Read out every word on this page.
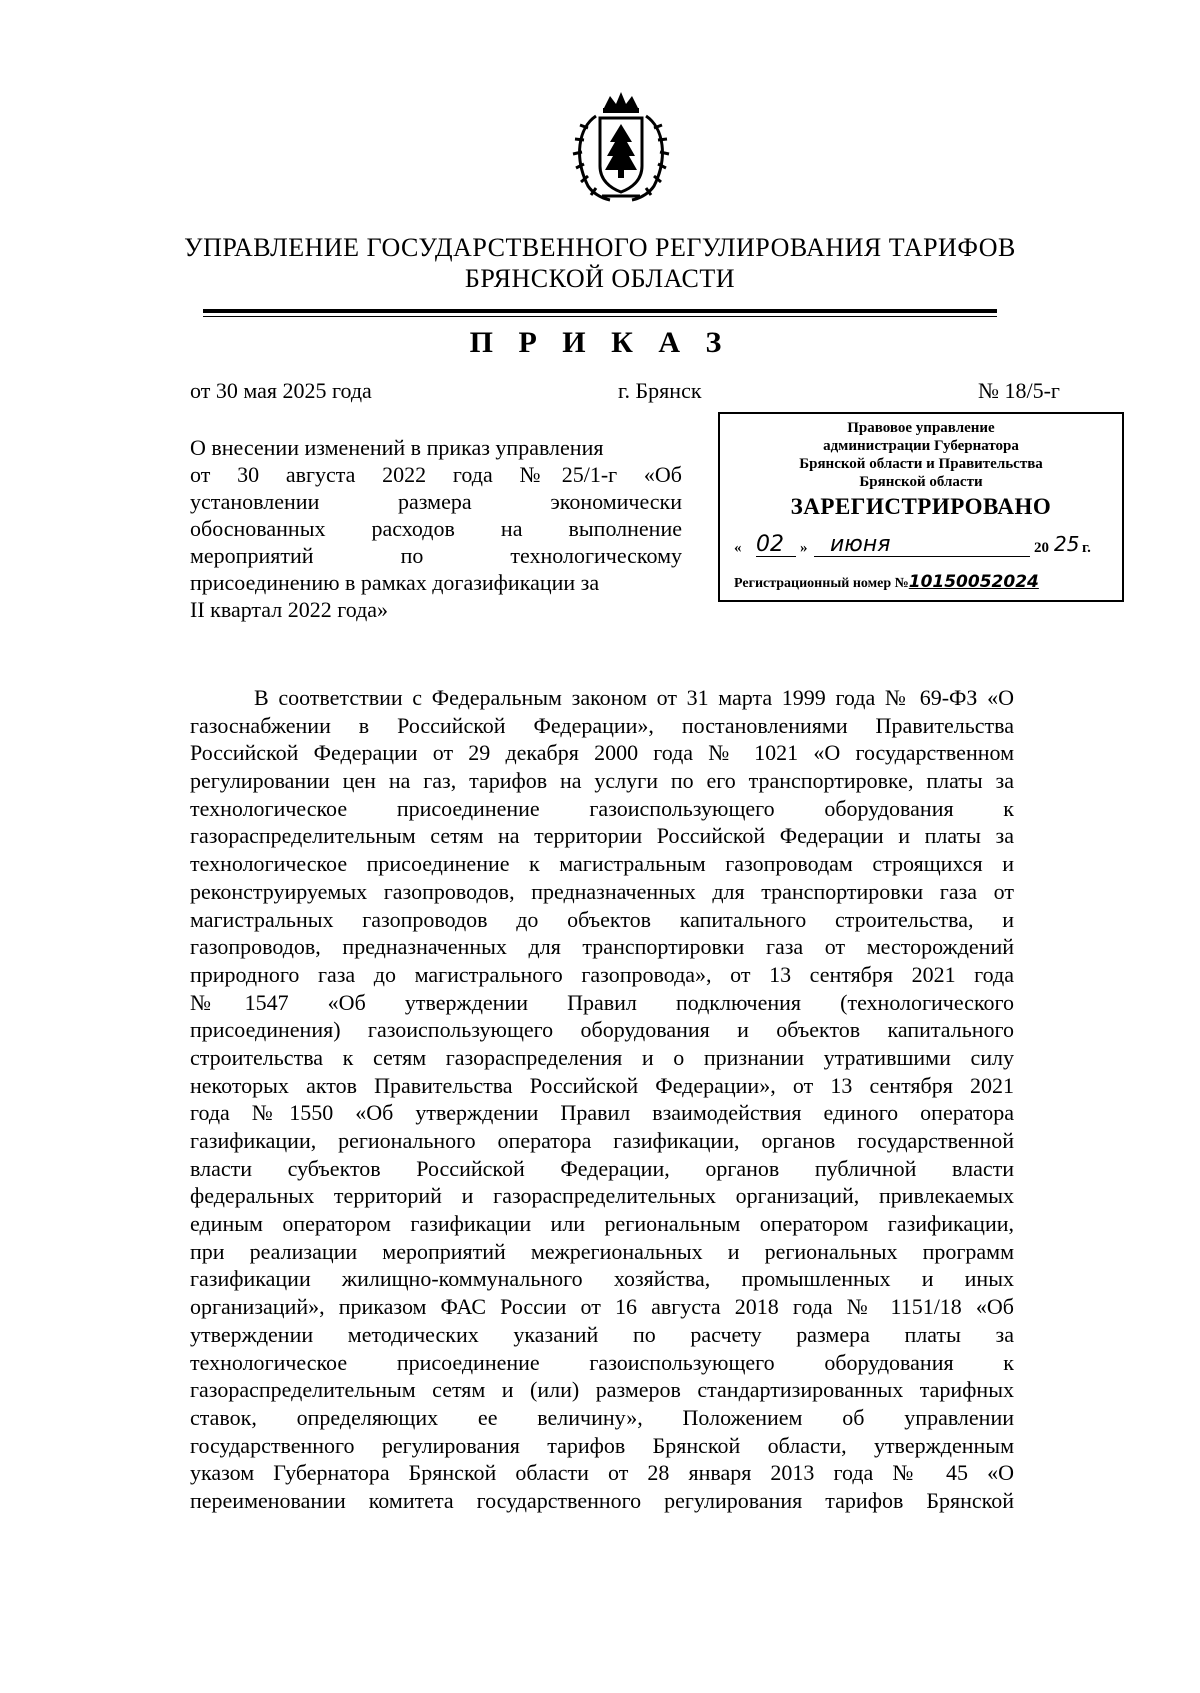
УПРАВЛЕНИЕ ГОСУДАРСТВЕННОГО РЕГУЛИРОВАНИЯ ТАРИФОВ
БРЯНСКОЙ ОБЛАСТИ
П Р И К А З
от 30 мая 2025 года	г. Брянск	№ 18/5-г
О внесении изменений в приказ управления
от 30 августа 2022 года №25/1-г «Об
установлении размера экономически
обоснованных расходов на выполнение
мероприятий по технологическому
присоединению в рамках догазификации за
II квартал 2022 года»
Правовое управление
администрации Губернатора
Брянской области и Правительства
Брянской области
ЗАРЕГИСТРИРОВАНО
« 02 » июня	20 25 г.
Регистрационный номер №10150052024
В соответствии с Федеральным законом от 31 марта 1999 года № 69-ФЗ «О
газоснабжении в Российской Федерации», постановлениями Правительства
Российской Федерации от 29 декабря 2000 года № 1021 «О государственном
регулировании цен на газ, тарифов на услуги по его транспортировке, платы за
технологическое присоединение газоиспользующего оборудования к
газораспределительным сетям на территории Российской Федерации и платы за
технологическое присоединение к магистральным газопроводам строящихся и
реконструируемых газопроводов, предназначенных для транспортировки газа от
магистральных газопроводов до объектов капитального строительства, и
газопроводов, предназначенных для транспортировки газа от месторождений
природного газа до магистрального газопровода», от 13 сентября 2021 года
№1547 «Об утверждении Правил подключения (технологического
присоединения) газоиспользующего оборудования и объектов капитального
строительства к сетям газораспределения и о признании утратившими силу
некоторых актов Правительства Российской Федерации», от 13 сентября 2021
года №1550 «Об утверждении Правил взаимодействия единого оператора
газификации, регионального оператора газификации, органов государственной
власти субъектов Российской Федерации, органов публичной власти
федеральных территорий и газораспределительных организаций, привлекаемых
единым оператором газификации или региональным оператором газификации,
при реализации мероприятий межрегиональных и региональных программ
газификации жилищно-коммунального хозяйства, промышленных и иных
организаций», приказом ФАС России от 16 августа 2018 года № 1151/18 «Об
утверждении методических указаний по расчету размера платы за
технологическое присоединение газоиспользующего оборудования к
газораспределительным сетям и (или) размеров стандартизированных тарифных
ставок, определяющих ее величину», Положением об управлении
государственного регулирования тарифов Брянской области, утвержденным
указом Губернатора Брянской области от 28 января 2013 года № 45 «О
переименовании комитета государственного регулирования тарифов Брянской
